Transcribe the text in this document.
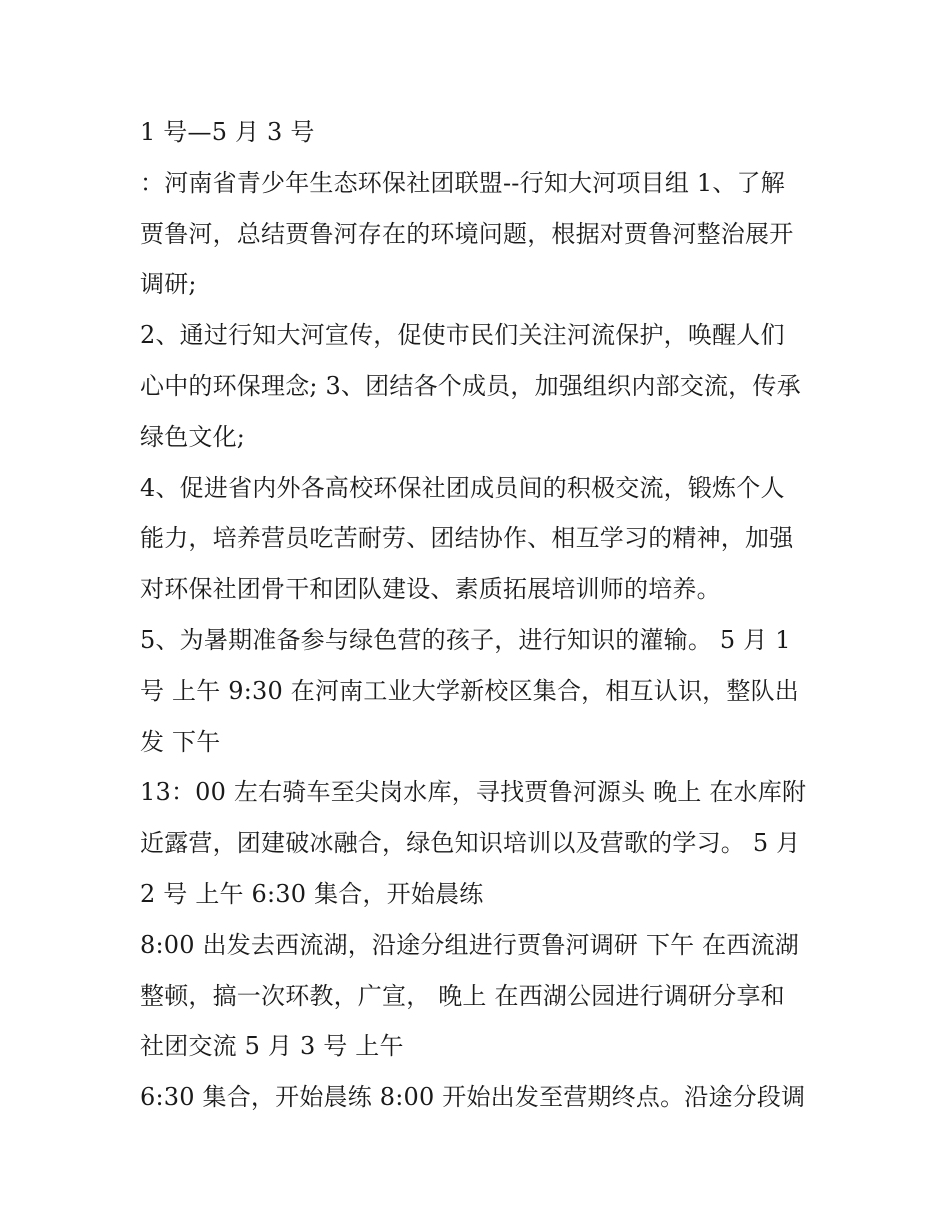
1 号—5 月 3 号
：河南省青少年生态环保社团联盟--行知大河项目组 1、了解
贾鲁河，总结贾鲁河存在的环境问题，根据对贾鲁河整治展开
调研;
2、通过行知大河宣传，促使市民们关注河流保护，唤醒人们
心中的环保理念; 3、团结各个成员，加强组织内部交流，传承
绿色文化;
4、促进省内外各高校环保社团成员间的积极交流，锻炼个人
能力，培养营员吃苦耐劳、团结协作、相互学习的精神，加强
对环保社团骨干和团队建设、素质拓展培训师的培养。
5、为暑期准备参与绿色营的孩子，进行知识的灌输。 5 月 1
号 上午 9:30 在河南工业大学新校区集合，相互认识，整队出
发 下午
13：00 左右骑车至尖岗水库，寻找贾鲁河源头 晚上 在水库附
近露营，团建破冰融合，绿色知识培训以及营歌的学习。 5 月
2 号 上午 6:30 集合，开始晨练
8:00 出发去西流湖，沿途分组进行贾鲁河调研 下午 在西流湖
整顿，搞一次环教，广宣， 晚上 在西湖公园进行调研分享和
社团交流 5 月 3 号 上午
6:30 集合，开始晨练 8:00 开始出发至营期终点。沿途分段调
